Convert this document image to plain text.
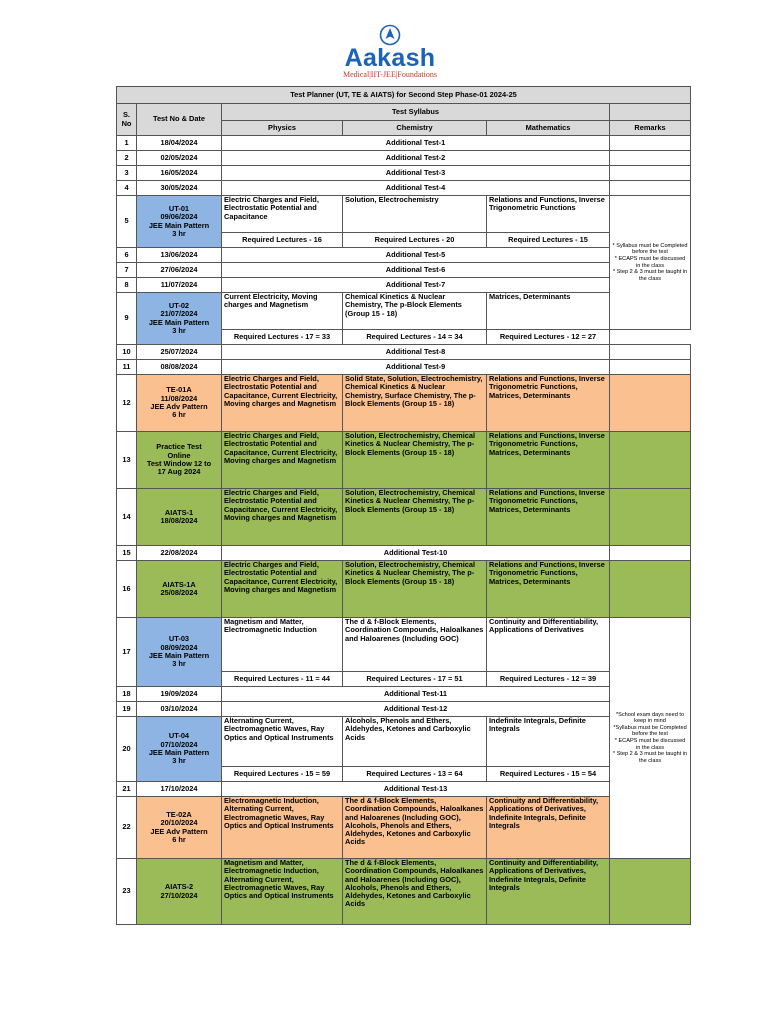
Aakash
Medical|IIT-JEE|Foundations
Test Planner (UT, TE & AIATS) for Second Step Phase-01 2024-25						
S. No	Test No & Date	Test Syllabus				
		Physics	Chemistry	Mathematics	Remarks	
1	18/04/2024	Additional Test-1				
2	02/05/2024	Additional Test-2				
3	16/05/2024	Additional Test-3				
4	30/05/2024	Additional Test-4				
5	UT-01
09/06/2024
JEE Main Pattern
3 hr	Electric Charges and Field, Electrostatic Potential and Capacitance	Solution, Electrochemistry	Relations and Functions, Inverse Trigonometric Functions	* Syllabus must be Completed before the test
* ECAPS must be discussed in the class
* Step 2 & 3 must be taught in the class	
		Required Lectures - 16	Required Lectures - 20	Required Lectures - 15		
6	13/06/2024	Additional Test-5				
7	27/06/2024	Additional Test-6				
8	11/07/2024	Additional Test-7				
9	UT-02
21/07/2024
JEE Main Pattern
3 hr	Current Electricity, Moving charges and Magnetism	Chemical Kinetics & Nuclear Chemistry, The p-Block Elements (Group 15 - 18)	Matrices, Determinants		
		Required Lectures - 17 = 33	Required Lectures - 14 = 34	Required Lectures - 12 = 27		
10	25/07/2024	Additional Test-8				
11	08/08/2024	Additional Test-9				
12	TE-01A
11/08/2024
JEE Adv Pattern
6 hr	Electric Charges and Field, Electrostatic Potential and Capacitance, Current Electricity, Moving charges and Magnetism	Solid State, Solution, Electrochemistry, Chemical Kinetics & Nuclear Chemistry, Surface Chemistry, The p-Block Elements (Group 15 - 18)	Relations and Functions, Inverse Trigonometric Functions, Matrices, Determinants		
13	Practice Test
Online
Test Window 12 to
17 Aug 2024	Electric Charges and Field, Electrostatic Potential and Capacitance, Current Electricity, Moving charges and Magnetism	Solution, Electrochemistry, Chemical Kinetics & Nuclear Chemistry, The p-Block Elements (Group 15 - 18)	Relations and Functions, Inverse Trigonometric Functions, Matrices, Determinants		
14	AIATS-1
18/08/2024	Electric Charges and Field, Electrostatic Potential and Capacitance, Current Electricity, Moving charges and Magnetism	Solution, Electrochemistry, Chemical Kinetics & Nuclear Chemistry, The p-Block Elements (Group 15 - 18)	Relations and Functions, Inverse Trigonometric Functions, Matrices, Determinants		
15	22/08/2024	Additional Test-10				
16	AIATS-1A
25/08/2024	Electric Charges and Field, Electrostatic Potential and Capacitance, Current Electricity, Moving charges and Magnetism	Solution, Electrochemistry, Chemical Kinetics & Nuclear Chemistry, The p-Block Elements (Group 15 - 18)	Relations and Functions, Inverse Trigonometric Functions, Matrices, Determinants		
17	UT-03
08/09/2024
JEE Main Pattern
3 hr	Magnetism and Matter, Electromagnetic Induction	The d & f-Block Elements, Coordination Compounds, Haloalkanes and Haloarenes (Including GOC)	Continuity and Differentiability, Applications of Derivatives	*School exam days need to keep in mind
*Syllabus must be Completed before the test
* ECAPS must be discussed in the class
* Step 2 & 3 must be taught in the class	
		Required Lectures - 11 = 44	Required Lectures - 17 = 51	Required Lectures - 12 = 39		
18	19/09/2024	Additional Test-11				
19	03/10/2024	Additional Test-12				
20	UT-04
07/10/2024
JEE Main Pattern
3 hr	Alternating Current, Electromagnetic Waves, Ray Optics and Optical Instruments	Alcohols, Phenols and Ethers, Aldehydes, Ketones and Carboxylic Acids	Indefinite Integrals, Definite Integrals		
		Required Lectures - 15 = 59	Required Lectures - 13 = 64	Required Lectures - 15 = 54		
21	17/10/2024	Additional Test-13				
22	TE-02A
20/10/2024
JEE Adv Pattern
6 hr	Electromagnetic Induction, Alternating Current, Electromagnetic Waves, Ray Optics and Optical Instruments	The d & f-Block Elements, Coordination Compounds, Haloalkanes and Haloarenes (Including GOC), Alcohols, Phenols and Ethers, Aldehydes, Ketones and Carboxylic Acids	Continuity and Differentiability, Applications of Derivatives, Indefinite Integrals, Definite Integrals		
23	AIATS-2
27/10/2024	Magnetism and Matter, Electromagnetic Induction, Alternating Current, Electromagnetic Waves, Ray Optics and Optical Instruments	The d & f-Block Elements, Coordination Compounds, Haloalkanes and Haloarenes (Including GOC), Alcohols, Phenols and Ethers, Aldehydes, Ketones and Carboxylic Acids	Continuity and Differentiability, Applications of Derivatives, Indefinite Integrals, Definite Integrals		
